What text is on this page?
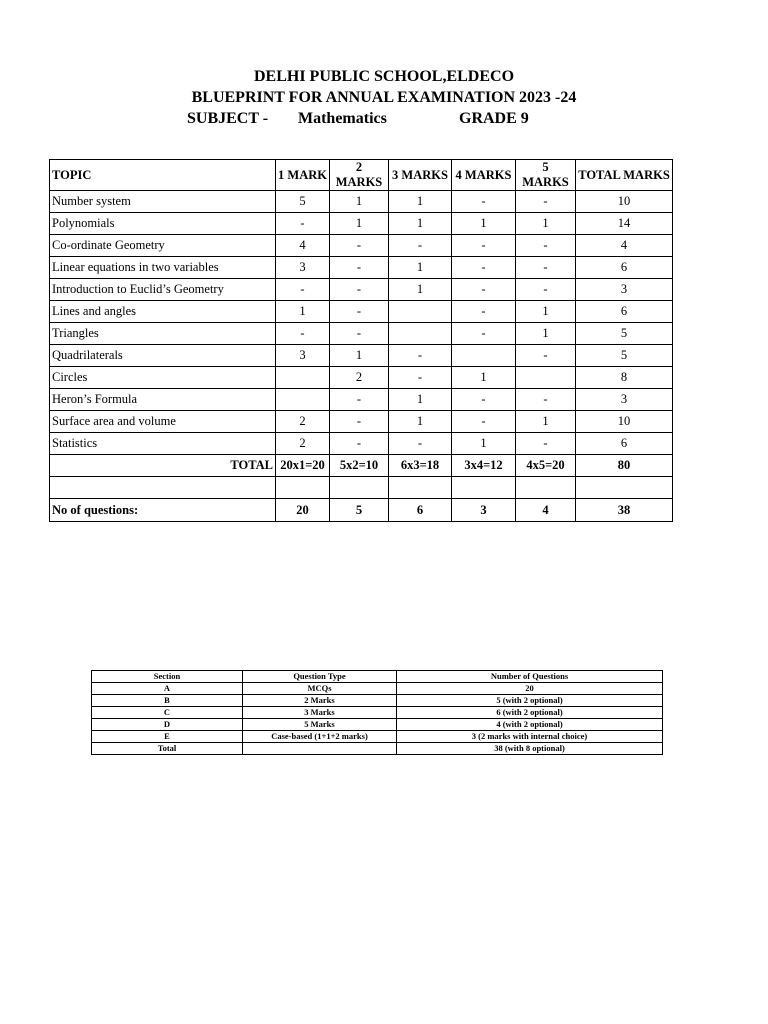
DELHI PUBLIC SCHOOL,ELDECO
BLUEPRINT FOR ANNUAL EXAMINATION 2023 -24
SUBJECT - Mathematics	GRADE 9
TOPIC	1 MARK	2 MARKS	3 MARKS	4 MARKS	5 MARKS	TOTAL MARKS
Number system	5	1	1	-	-	10
Polynomials	-	1	1	1	1	14
Co-ordinate Geometry	4	-	-	-	-	4
Linear equations in two variables	3	-	1	-	-	6
Introduction to Euclid’s Geometry	-	-	1	-	-	3
Lines and angles	1	-		-	1	6
Triangles	-	-		-	1	5
Quadrilaterals	3	1	-		-	5
Circles		2	-	1		8
Heron’s Formula		-	1	-	-	3
Surface area and volume	2	-	1	-	1	10
Statistics	2	-	-	1	-	6
TOTAL	20x1=20	5x2=10	6x3=18	3x4=12	4x5=20	80

No of questions:	20	5	6	3	4	38
Section	Question Type	Number of Questions
A	MCQs	20
B	2 Marks	5 (with 2 optional)
C	3 Marks	6 (with 2 optional)
D	5 Marks	4 (with 2 optional)
E	Case-based (1+1+2 marks)	3 (2 marks with internal choice)
Total		38 (with 8 optional)
